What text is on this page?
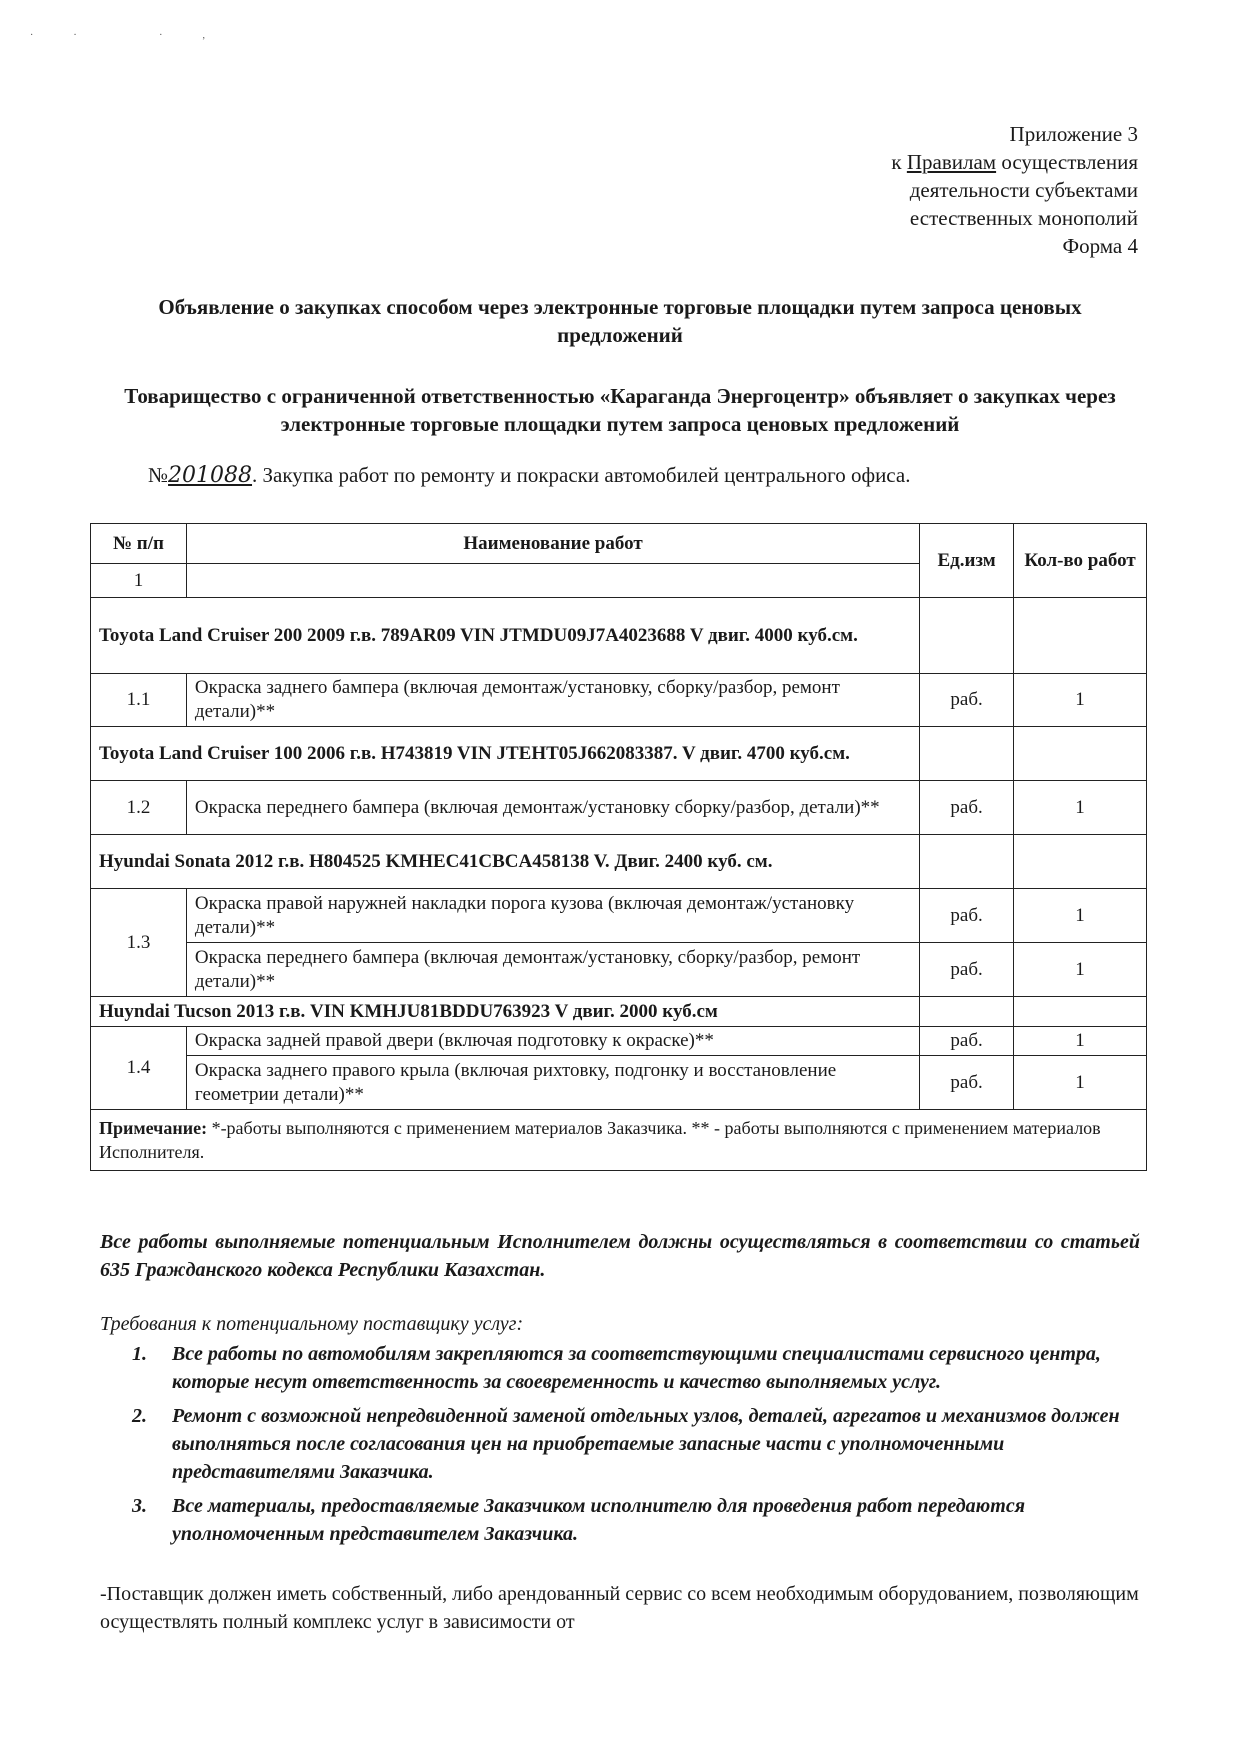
·· ·,
Приложение 3
к Правилам осуществления
деятельности субъектами
естественных монополий
Форма 4
Объявление о закупках способом через электронные торговые площадки путем запроса ценовых предложений
Товарищество с ограниченной ответственностью «Караганда Энергоцентр» объявляет о закупках через электронные торговые площадки путем запроса ценовых предложений
№201088. Закупка работ по ремонту и покраски автомобилей центрального офиса.
№ п/п	Наименование работ	Ед.изм	Кол-во работ
1			
Toyota Land Cruiser 200 2009 г.в. 789AR09 VIN JTMDU09J7A4023688 V двиг. 4000 куб.см.			
1.1	Окраска заднего бампера (включая демонтаж/установку, сборку/разбор, ремонт детали)**	раб.	1
Toyota Land Cruiser 100 2006 г.в. H743819 VIN JTEHT05J662083387. V двиг. 4700 куб.см.			
1.2	Окраска переднего бампера (включая демонтаж/установку сборку/разбор, детали)**	раб.	1
Hyundai Sonata 2012 г.в. H804525 KMHEC41CBCA458138 V. Двиг. 2400 куб. см.			
1.3	Окраска правой наружней накладки порога кузова (включая демонтаж/установку детали)**	раб.	1
	Окраска переднего бампера (включая демонтаж/установку, сборку/разбор, ремонт детали)**	раб.	1
Huyndai Tucson 2013 г.в. VIN KMHJU81BDDU763923 V двиг. 2000 куб.см			
1.4	Окраска задней правой двери (включая подготовку к окраске)**	раб.	1
	Окраска заднего правого крыла (включая рихтовку, подгонку и восстановление геометрии детали)**	раб.	1
Примечание: *-работы выполняются с применением материалов Заказчика. ** - работы выполняются с применением материалов Исполнителя.			
Все работы выполняемые потенциальным Исполнителем должны осуществляться в соответствии со статьей 635 Гражданского кодекса Республики Казахстан.
Требования к потенциальному поставщику услуг:
1. Все работы по автомобилям закрепляются за соответствующими специалистами сервисного центра, которые несут ответственность за своевременность и качество выполняемых услуг.
2. Ремонт с возможной непредвиденной заменой отдельных узлов, деталей, агрегатов и механизмов должен выполняться после согласования цен на приобретаемые запасные части с уполномоченными представителями Заказчика.
3. Все материалы, предоставляемые Заказчиком исполнителю для проведения работ передаются уполномоченным представителем Заказчика.
-Поставщик должен иметь собственный, либо арендованный сервис со всем необходимым оборудованием, позволяющим осуществлять полный комплекс услуг в зависимости от
